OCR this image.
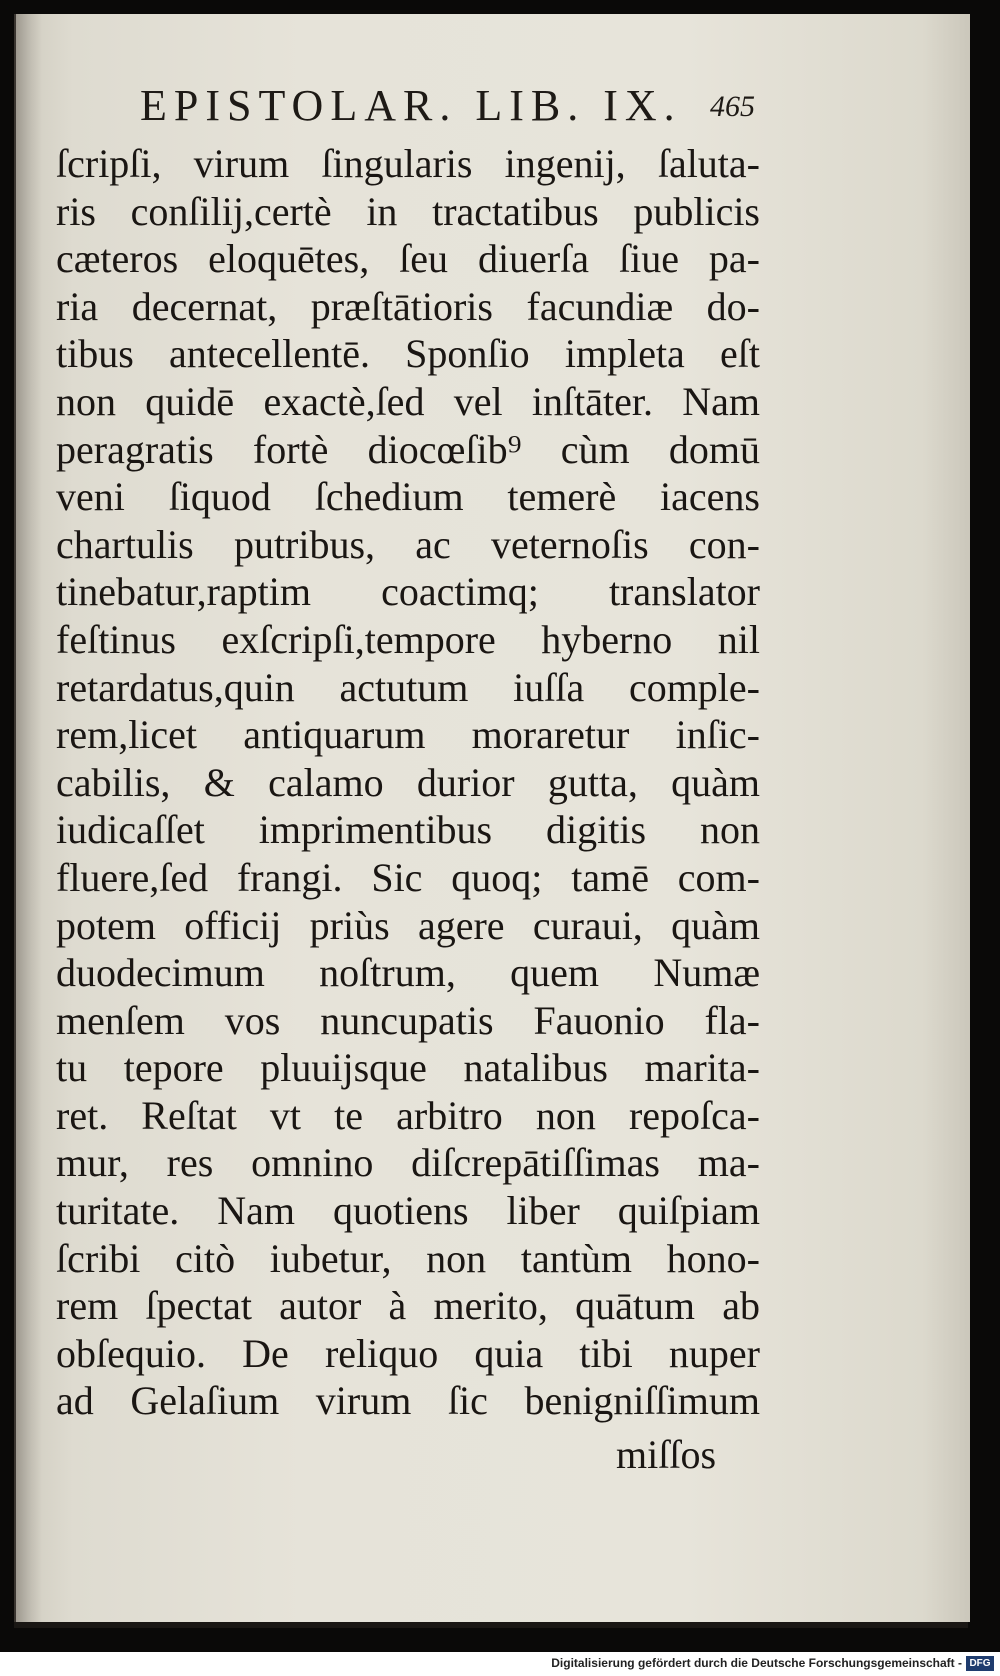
EPISTOLAR. LIB. IX. 465
ſcripſi, virum ſingularis ingenij, ſaluta-
ris conſilij,certè in tractatibus publicis
cæteros eloquētes, ſeu diuerſa ſiue pa-
ria decernat, præſtātioris facundiæ do-
tibus antecellentē. Sponſio impleta eſt
non quidē exactè,ſed vel inſtāter. Nam
peragratis fortè diocœſib⁹ cùm domū
veni ſiquod ſchedium temerè iacens
chartulis putribus, ac veternoſis con-
tinebatur,raptim coactimq; translator
feſtinus exſcripſi,tempore hyberno nil
retardatus,quin actutum iuſſa comple-
rem,licet antiquarum moraretur inſic-
cabilis, & calamo durior gutta, quàm
iudicaſſet imprimentibus digitis non
fluere,ſed frangi. Sic quoq; tamē com-
potem officij priùs agere curaui, quàm
duodecimum noſtrum, quem Numæ
menſem vos nuncupatis Fauonio fla-
tu tepore pluuijsque natalibus marita-
ret. Reſtat vt te arbitro non repoſca-
mur, res omnino diſcrepātiſſimas ma-
turitate. Nam quotiens liber quiſpiam
ſcribi citò iubetur, non tantùm hono-
rem ſpectat autor à merito, quātum ab
obſequio. De reliquo quia tibi nuper
ad Gelaſium virum ſic benigniſſimum
miſſos
Digitalisierung gefördert durch die Deutsche Forschungsgemeinschaft - DFG
